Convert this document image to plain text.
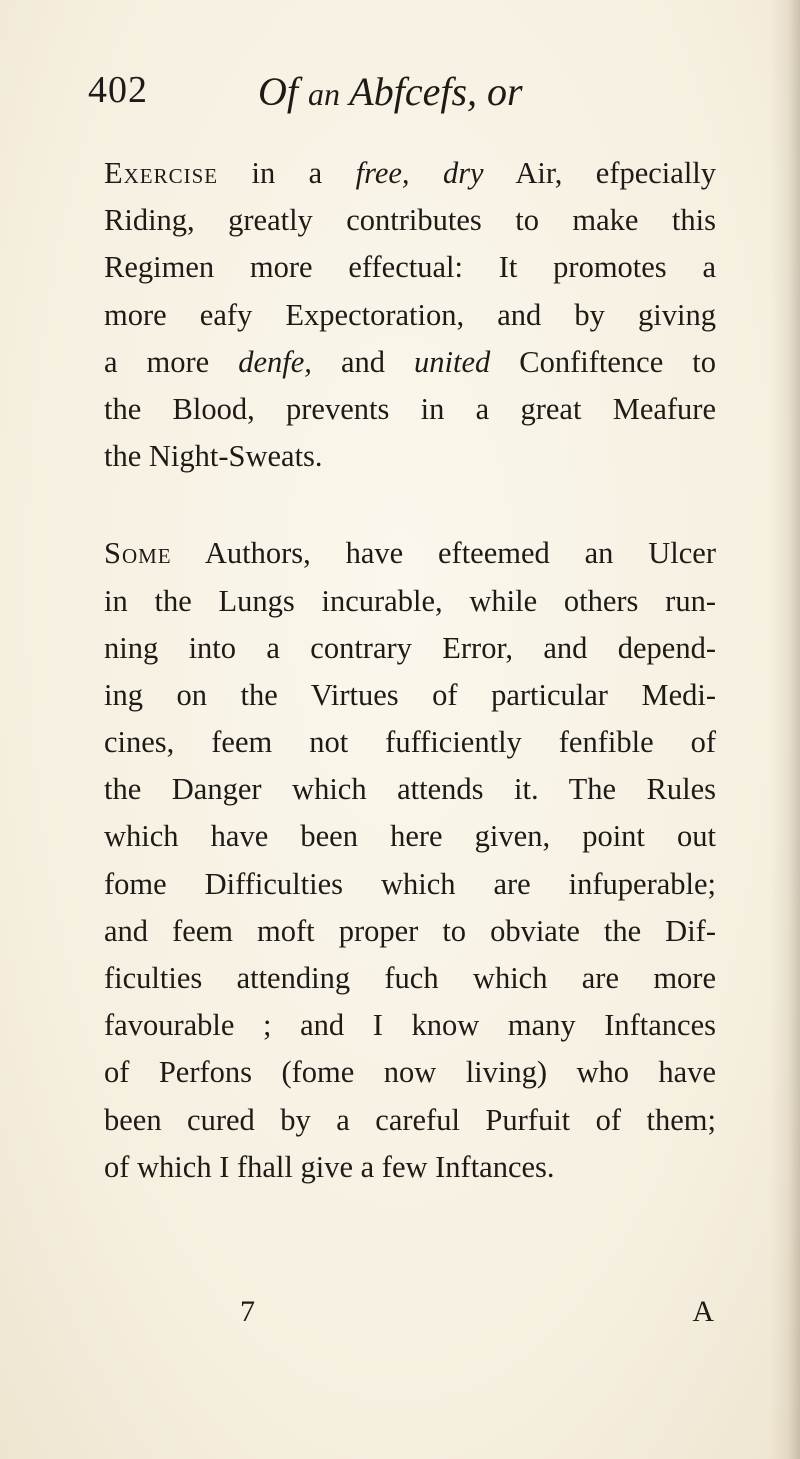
402	Of an Abfcefs, or
Exercise in a free, dry Air, efpecially
Riding, greatly contributes to make this
Regimen more effectual: It promotes a
more eafy Expectoration, and by giving
a more denfe, and united Confiftence to
the Blood, prevents in a great Meafure
the Night-Sweats.
Some Authors, have efteemed an Ulcer
in the Lungs incurable, while others run-
ning into a contrary Error, and depend-
ing on the Virtues of particular Medi-
cines, feem not fufficiently fenfible of
the Danger which attends it. The Rules
which have been here given, point out
fome Difficulties which are infuperable;
and feem moft proper to obviate the Dif-
ficulties attending fuch which are more
favourable ; and I know many Inftances
of Perfons (fome now living) who have
been cured by a careful Purfuit of them;
of which I fhall give a few Inftances.
7	A
